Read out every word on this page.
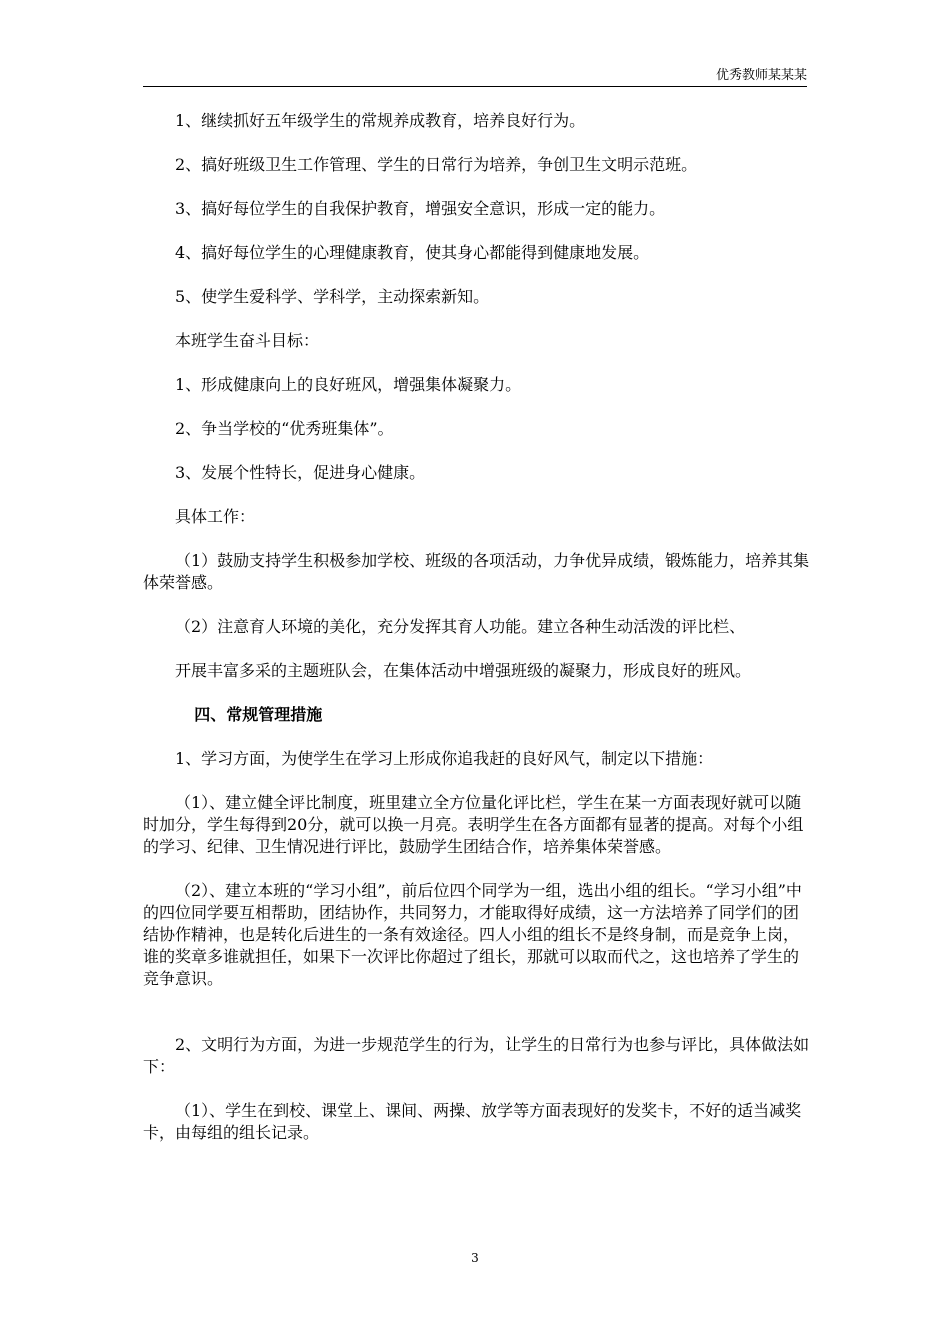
优秀教师某某某

1、继续抓好五年级学生的常规养成教育，培养良好行为。

2、搞好班级卫生工作管理、学生的日常行为培养，争创卫生文明示范班。

3、搞好每位学生的自我保护教育，增强安全意识，形成一定的能力。

4、搞好每位学生的心理健康教育，使其身心都能得到健康地发展。

5、使学生爱科学、学科学，主动探索新知。

本班学生奋斗目标：

1、形成健康向上的良好班风，增强集体凝聚力。

2、争当学校的“优秀班集体”。

3、发展个性特长，促进身心健康。

具体工作：

（1）鼓励支持学生积极参加学校、班级的各项活动，力争优异成绩，锻炼能力，培养其集体荣誉感。

（2）注意育人环境的美化，充分发挥其育人功能。建立各种生动活泼的评比栏、

开展丰富多采的主题班队会，在集体活动中增强班级的凝聚力，形成良好的班风。

四、常规管理措施

1、学习方面，为使学生在学习上形成你追我赶的良好风气，制定以下措施：

（1）、建立健全评比制度，班里建立全方位量化评比栏，学生在某一方面表现好就可以随时加分，学生每得到20分，就可以换一月亮。表明学生在各方面都有显著的提高。对每个小组的学习、纪律、卫生情况进行评比，鼓励学生团结合作，培养集体荣誉感。

（2）、建立本班的“学习小组”，前后位四个同学为一组，选出小组的组长。“学习小组”中的四位同学要互相帮助，团结协作，共同努力，才能取得好成绩，这一方法培养了同学们的团结协作精神，也是转化后进生的一条有效途径。四人小组的组长不是终身制，而是竞争上岗，谁的奖章多谁就担任，如果下一次评比你超过了组长，那就可以取而代之，这也培养了学生的竞争意识。

2、文明行为方面，为进一步规范学生的行为，让学生的日常行为也参与评比，具体做法如下：

（1）、学生在到校、课堂上、课间、两操、放学等方面表现好的发奖卡，不好的适当减奖卡，由每组的组长记录。

3
